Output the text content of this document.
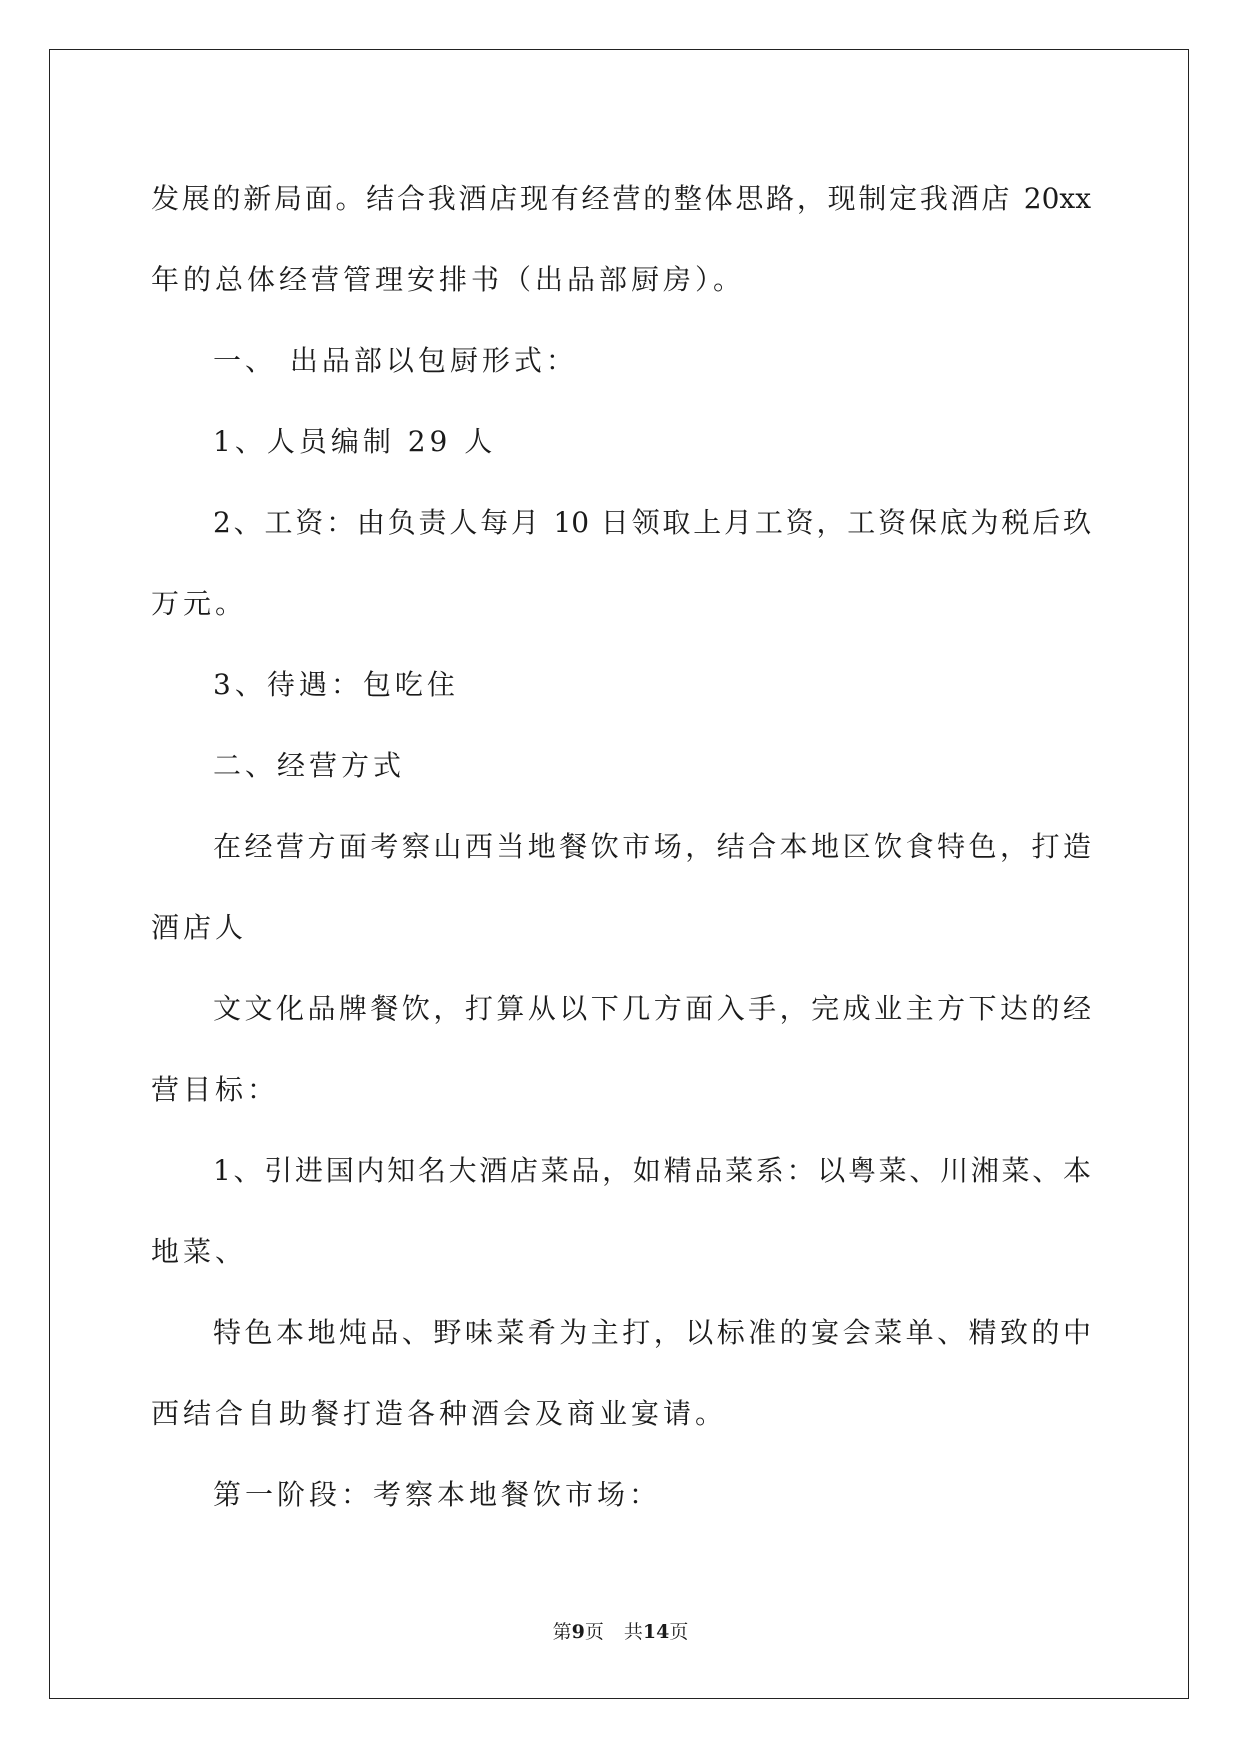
发展的新局面。结合我酒店现有经营的整体思路，现制定我酒店 20xx
年的总体经营管理安排书（出品部厨房）。
一、 出品部以包厨形式：
1、人员编制 29 人
2、工资：由负责人每月 10 日领取上月工资，工资保底为税后玖
万元。
3、待遇：包吃住
二、经营方式
在经营方面考察山西当地餐饮市场，结合本地区饮食特色，打造
酒店人
文文化品牌餐饮，打算从以下几方面入手，完成业主方下达的经
营目标：
1、引进国内知名大酒店菜品，如精品菜系：以粤菜、川湘菜、本
地菜、
特色本地炖品、野味菜肴为主打，以标准的宴会菜单、精致的中
西结合自助餐打造各种酒会及商业宴请。
第一阶段：考察本地餐饮市场：
第9页 共14页
